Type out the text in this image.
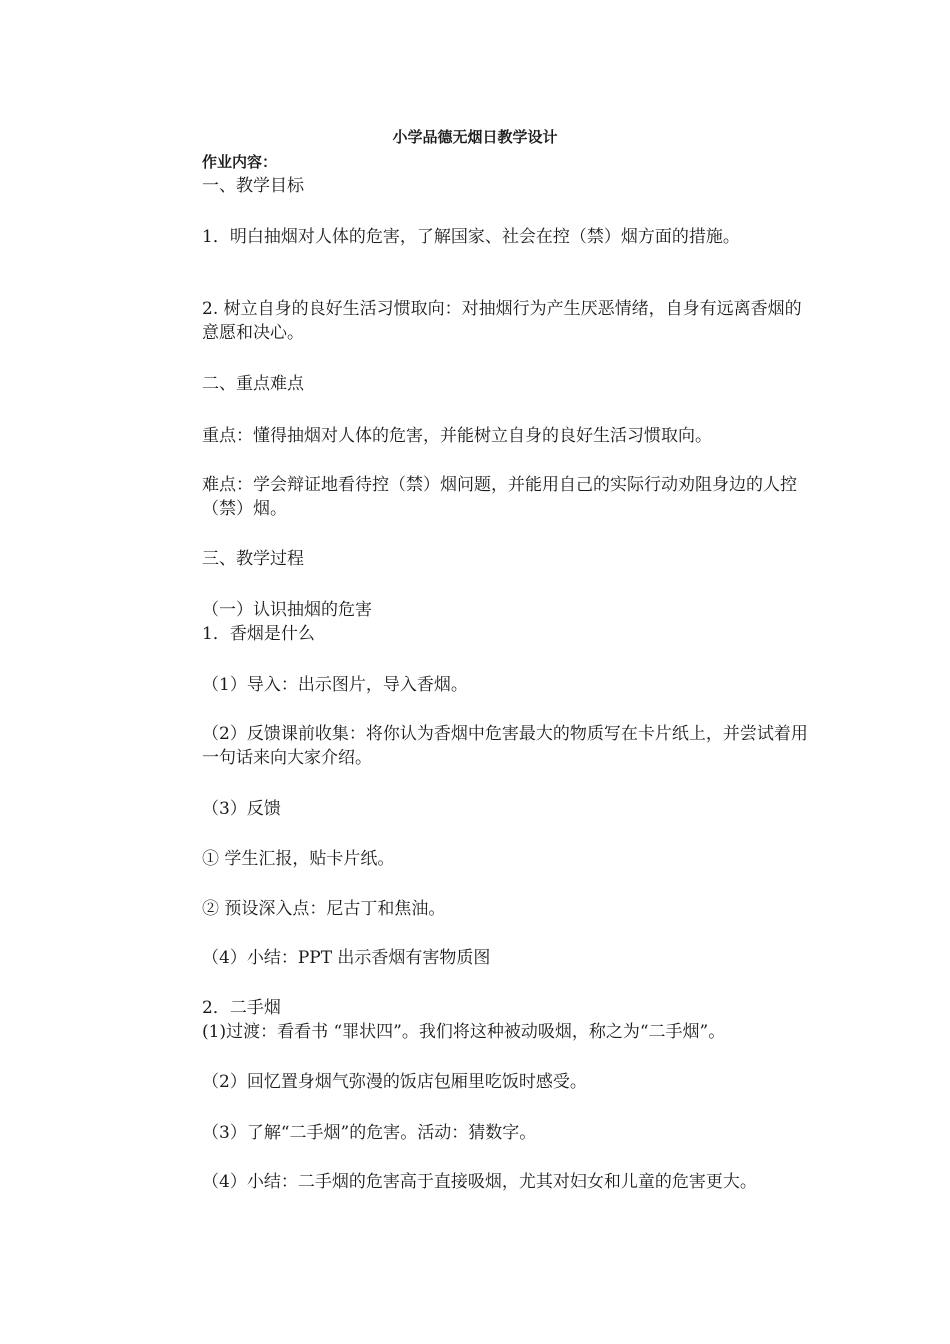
小学品德无烟日教学设计

作业内容：

一、教学目标

1．明白抽烟对人体的危害，了解国家、社会在控（禁）烟方面的措施。

2. 树立自身的良好生活习惯取向：对抽烟行为产生厌恶情绪，自身有远离香烟的意愿和决心。

二、重点难点

重点：懂得抽烟对人体的危害，并能树立自身的良好生活习惯取向。

难点：学会辩证地看待控（禁）烟问题，并能用自己的实际行动劝阻身边的人控（禁）烟。

三、教学过程

（一）认识抽烟的危害

1．香烟是什么

（1）导入：出示图片，导入香烟。

（2）反馈课前收集：将你认为香烟中危害最大的物质写在卡片纸上，并尝试着用一句话来向大家介绍。

（3）反馈

① 学生汇报，贴卡片纸。

② 预设深入点：尼古丁和焦油。

（4）小结：PPT 出示香烟有害物质图

2．二手烟

(1)过渡：看看书 “罪状四”。我们将这种被动吸烟，称之为“二手烟”。

（2）回忆置身烟气弥漫的饭店包厢里吃饭时感受。

（3）了解“二手烟”的危害。活动：猜数字。

（4）小结：二手烟的危害高于直接吸烟，尤其对妇女和儿童的危害更大。
